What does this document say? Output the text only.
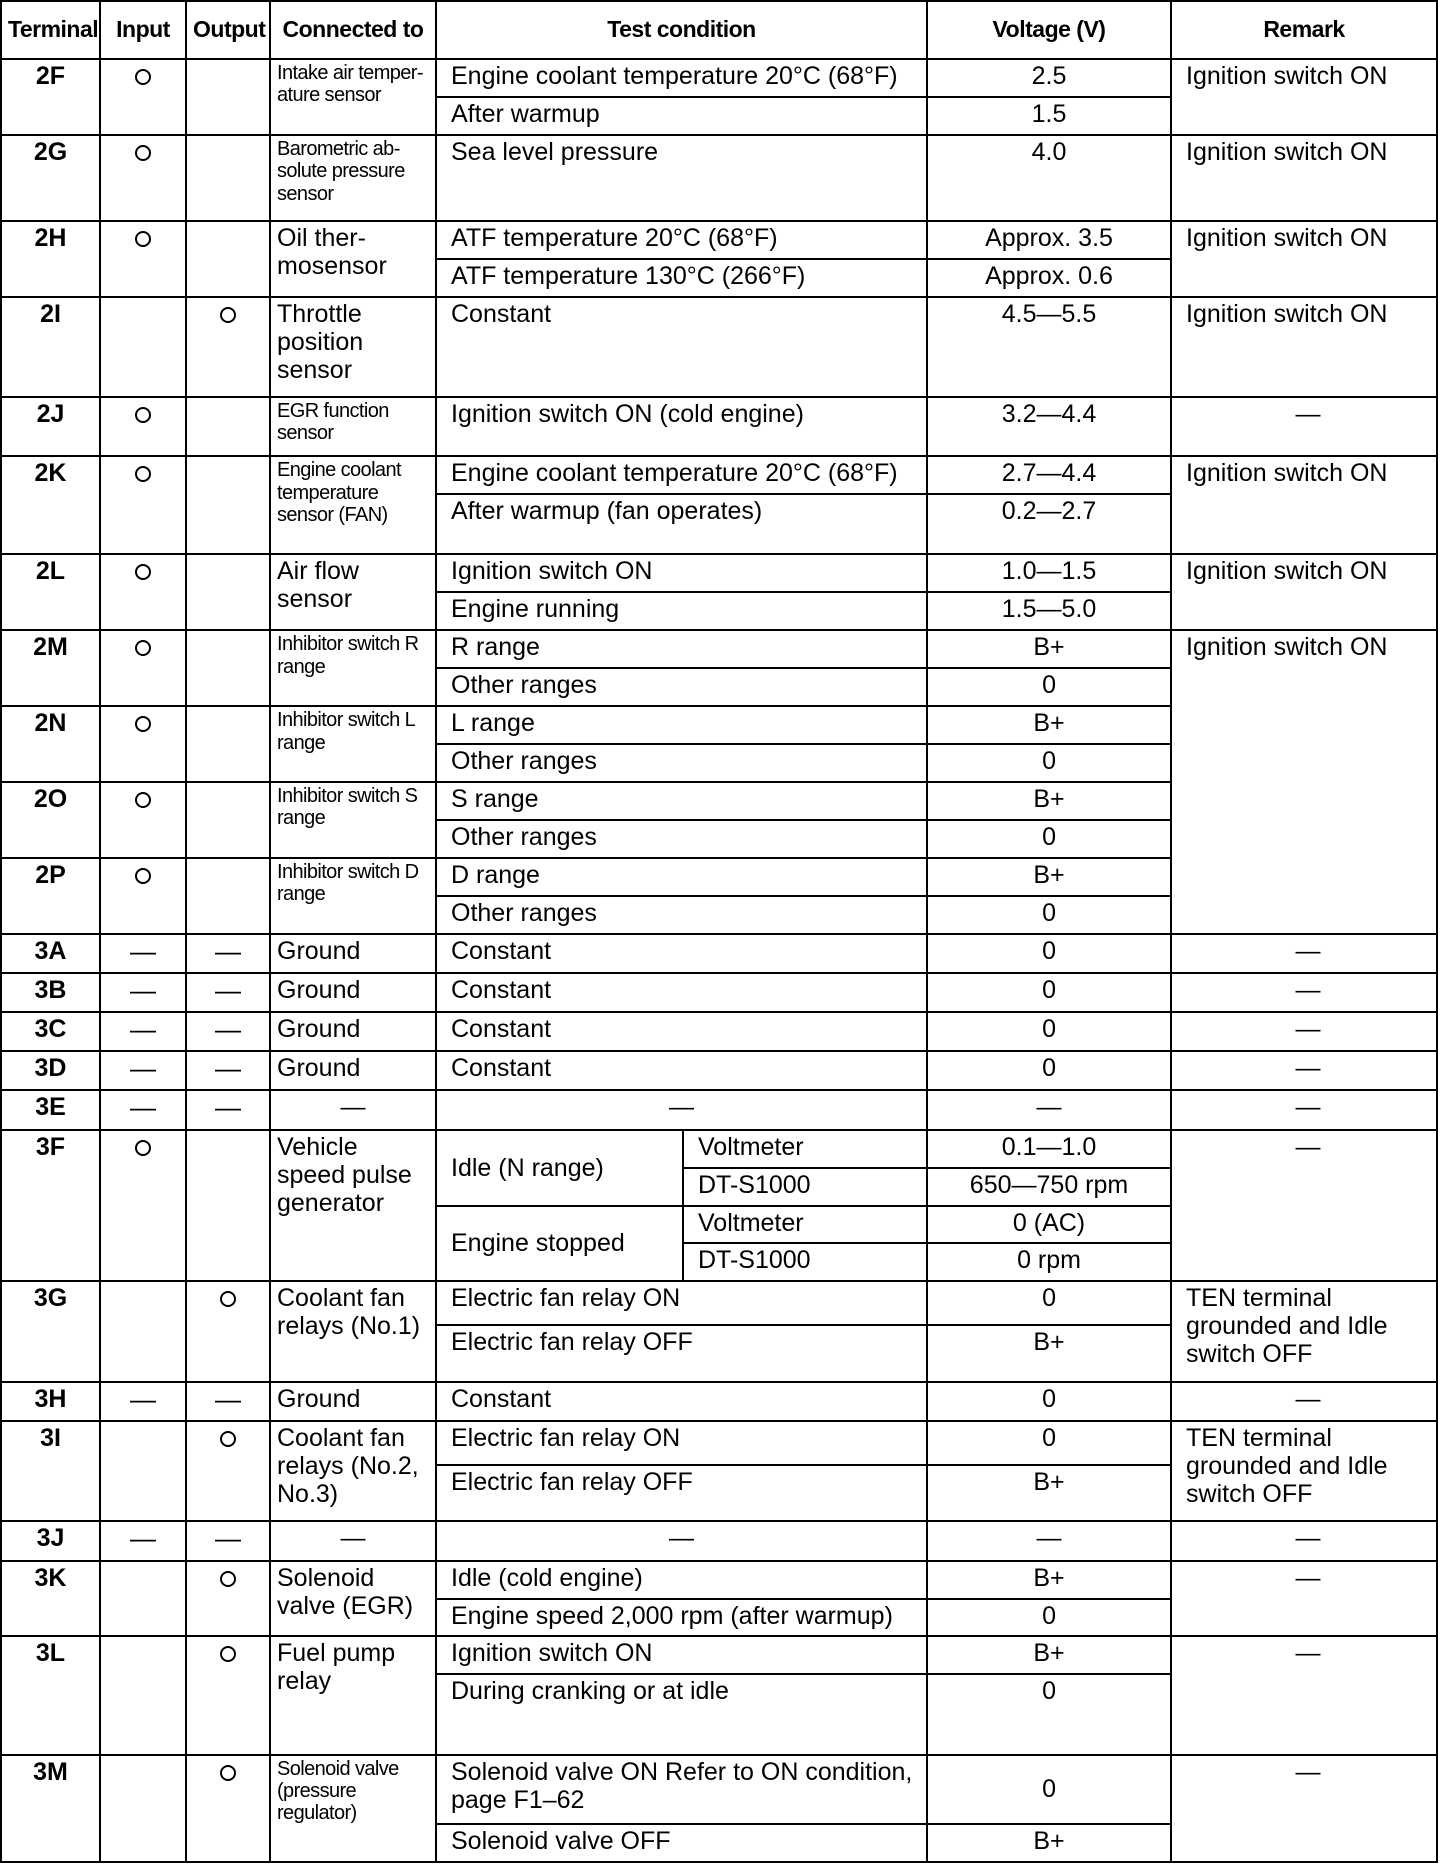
Terminal	Input	Output	Connected to	Test condition		Voltage (V)	Remark
2F			Intake air temper- ature sensor	Engine coolant temperature 20°C (68°F)		2.5	Ignition switch ON
				After warmup		1.5	
2G			Barometric ab- solute pressure sensor	Sea level pressure		4.0	Ignition switch ON
2H			Oil ther- mosensor	ATF temperature 20°C (68°F)		Approx. 3.5	Ignition switch ON
				ATF temperature 130°C (266°F)		Approx. 0.6	
2I			Throttle position sensor	Constant		4.5—5.5	Ignition switch ON
2J			EGR function sensor	Ignition switch ON (cold engine)		3.2—4.4	—
2K			Engine coolant temperature sensor (FAN)	Engine coolant temperature 20°C (68°F)		2.7—4.4	Ignition switch ON
				After warmup (fan operates)		0.2—2.7	
2L			Air flow sensor	Ignition switch ON		1.0—1.5	Ignition switch ON
				Engine running		1.5—5.0	
2M			Inhibitor switch R range	R range		B+	Ignition switch ON
				Other ranges		0	
2N			Inhibitor switch L range	L range		B+	
				Other ranges		0	
2O			Inhibitor switch S range	S range		B+	
				Other ranges		0	
2P			Inhibitor switch D range	D range		B+	
				Other ranges		0	
3A	—	—	Ground	Constant		0	—
3B	—	—	Ground	Constant		0	—
3C	—	—	Ground	Constant		0	—
3D	—	—	Ground	Constant		0	—
3E	—	—	—	—		—	—
3F			Vehicle speed pulse generator	Idle (N range)	Voltmeter	0.1—1.0	—
					DT-S1000	650—750 rpm	
				Engine stopped	Voltmeter	0 (AC)	
					DT-S1000	0 rpm	
3G			Coolant fan relays (No.1)	Electric fan relay ON		0	TEN terminal grounded and Idle switch OFF
				Electric fan relay OFF		B+	
3H	—	—	Ground	Constant		0	—
3I			Coolant fan relays (No.2, No.3)	Electric fan relay ON		0	TEN terminal grounded and Idle switch OFF
				Electric fan relay OFF		B+	
3J	—	—	—	—		—	—
3K			Solenoid valve (EGR)	Idle (cold engine)		B+	—
				Engine speed 2,000 rpm (after warmup)		0	
3L			Fuel pump relay	Ignition switch ON		B+	—
				During cranking or at idle		0	
3M			Solenoid valve (pressure regulator)	Solenoid valve ON Refer to ON condition, page F1–62		0	—
				Solenoid valve OFF		B+	
